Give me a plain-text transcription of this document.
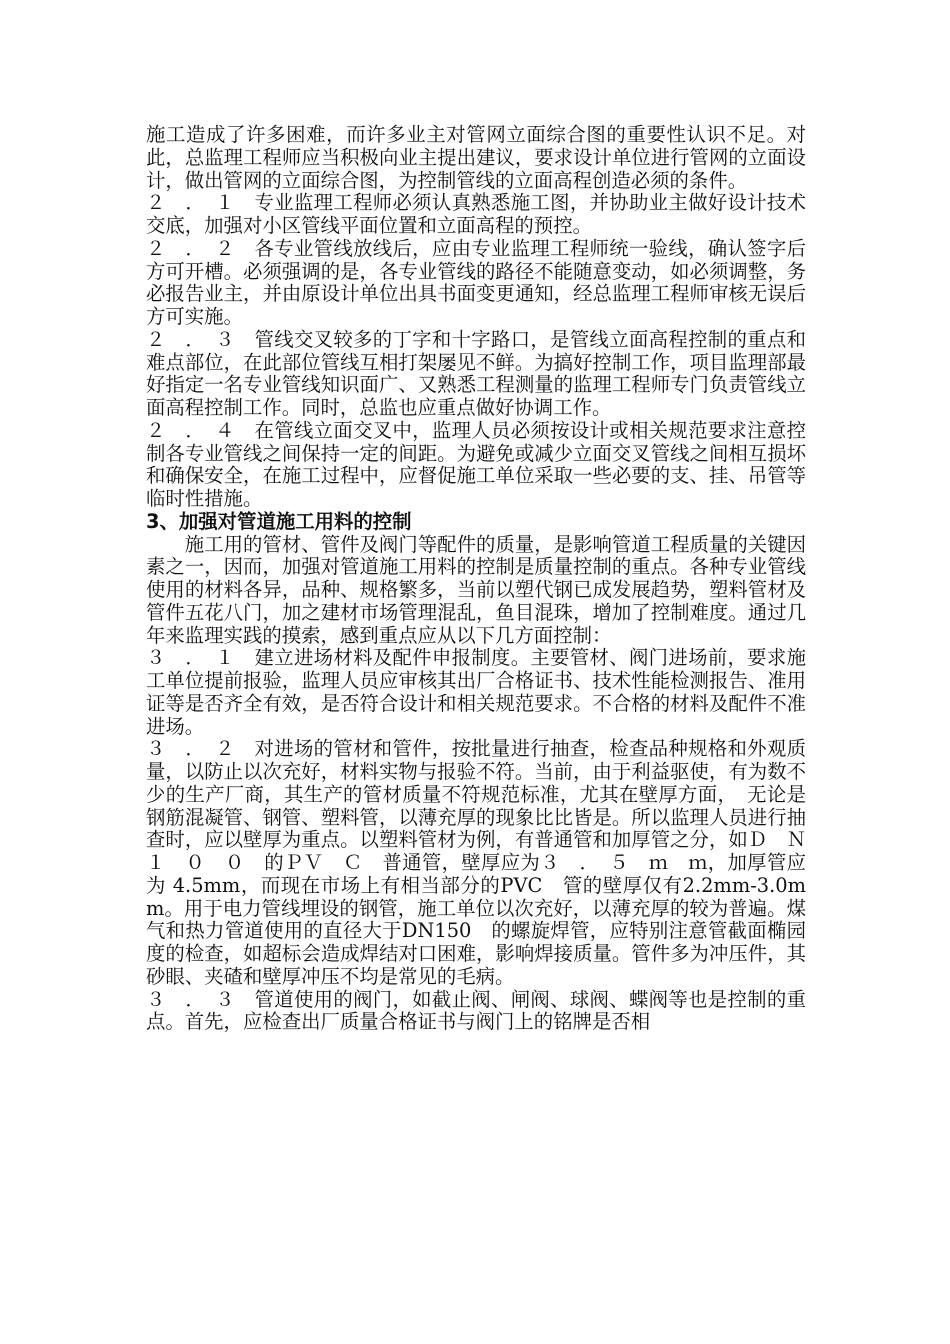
施工造成了许多困难，而许多业主对管网立面综合图的重要性认识不足。对此，总监理工程师应当积极向业主提出建议，要求设计单位进行管网的立面设计，做出管网的立面综合图，为控制管线的立面高程创造必须的条件。

２　．　１　专业监理工程师必须认真熟悉施工图，并协助业主做好设计技术交底，加强对小区管线平面位置和立面高程的预控。

２　．　２　各专业管线放线后，应由专业监理工程师统一验线，确认签字后方可开槽。必须强调的是，各专业管线的路径不能随意变动，如必须调整，务必报告业主，并由原设计单位出具书面变更通知，经总监理工程师审核无误后方可实施。

２　．　３　管线交叉较多的丁字和十字路口，是管线立面高程控制的重点和难点部位，在此部位管线互相打架屡见不鲜。为搞好控制工作，项目监理部最好指定一名专业管线知识面广、又熟悉工程测量的监理工程师专门负责管线立面高程控制工作。同时，总监也应重点做好协调工作。

２　．　４　在管线立面交叉中，监理人员必须按设计或相关规范要求注意控制各专业管线之间保持一定的间距。为避免或减少立面交叉管线之间相互损坏和确保安全，在施工过程中，应督促施工单位采取一些必要的支、挂、吊管等临时性措施。

3、加强对管道施工用料的控制

施工用的管材、管件及阀门等配件的质量，是影响管道工程质量的关键因素之一，因而，加强对管道施工用料的控制是质量控制的重点。各种专业管线使用的材料各异，品种、规格繁多，当前以塑代钢已成发展趋势，塑料管材及管件五花八门，加之建材市场管理混乱，鱼目混珠，增加了控制难度。通过几年来监理实践的摸索，感到重点应从以下几方面控制：

３　．　１　建立进场材料及配件申报制度。主要管材、阀门进场前，要求施工单位提前报验，监理人员应审核其出厂合格证书、技术性能检测报告、准用证等是否齐全有效，是否符合设计和相关规范要求。不合格的材料及配件不准进场。

３　．　２　对进场的管材和管件，按批量进行抽查，检查品种规格和外观质量，以防止以次充好，材料实物与报验不符。当前，由于利益驱使，有为数不少的生产厂商，其生产的管材质量不符规范标准，尤其在壁厚方面，　无论是钢筋混凝管、钢管、塑料管，以薄充厚的现象比比皆是。所以监理人员进行抽查时，应以壁厚为重点。以塑料管材为例，有普通管和加厚管之分，如Ｄ　Ｎ　１　０　０　的ＰＶ　Ｃ　普通管，壁厚应为３　．　５　ｍ　ｍ，加厚管应为 4.5mm，而现在市场上有相当部分的PVC　管的壁厚仅有2.2mm-3.0mm。用于电力管线埋设的钢管，施工单位以次充好，以薄充厚的较为普遍。煤气和热力管道使用的直径大于DN150　的螺旋焊管，应特别注意管截面椭园度的检查，如超标会造成焊结对口困难，影响焊接质量。管件多为冲压件，其砂眼、夹碴和壁厚冲压不均是常见的毛病。

３　．　３　管道使用的阀门，如截止阀、闸阀、球阀、蝶阀等也是控制的重点。首先，应检查出厂质量合格证书与阀门上的铭牌是否相
